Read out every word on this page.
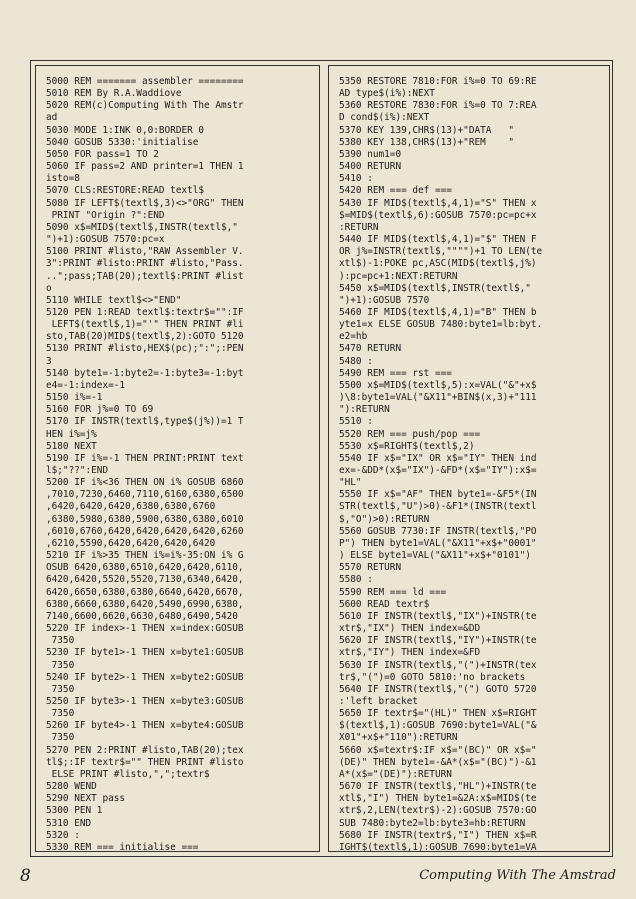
5000 REM ======= assembler ========
5010 REM By R.A.Waddiove
5020 REM(c)Computing With The Amstr
ad
5030 MODE 1:INK 0,0:BORDER 0
5040 GOSUB 5330:'initialise
5050 FOR pass=1 TO 2
5060 IF pass=2 AND printer=1 THEN 1
isto=8
5070 CLS:RESTORE:READ textl$
5080 IF LEFT$(textl$,3)<>"ORG" THEN
PRINT "Origin ?":END
5090 x$=MID$(textl$,INSTR(textl$,"
")+1):GOSUB 7570:pc=x
5100 PRINT #listo,"RAW Assembler V.
3":PRINT #listo:PRINT #listo,"Pass.
..";pass;TAB(20);textl$:PRINT #list
o
5110 WHILE textl$<>"END"
5120 PEN 1:READ textl$:textr$="":IF
LEFT$(textl$,1)="'" THEN PRINT #li
sto,TAB(20)MID$(textl$,2):GOTO 5120
5130 PRINT #listo,HEX$(pc);":";:PEN
3
5140 byte1=-1:byte2=-1:byte3=-1:byt
e4=-1:index=-1
5150 i%=-1
5160 FOR j%=0 TO 69
5170 IF INSTR(textl$,type$(j%))=1 T
HEN i%=j%
5180 NEXT
5190 IF i%=-1 THEN PRINT:PRINT text
l$;"??":END
5200 IF i%<36 THEN ON i% GOSUB 6860
,7010,7230,6460,7110,6160,6380,6500
,6420,6420,6420,6380,6380,6760
,6380,5980,6380,5900,6380,6380,6010
,6010,6760,6420,6420,6420,6420,6260
,6210,5590,6420,6420,6420,6420
5210 IF i%>35 THEN i%=i%-35:ON i% G
OSUB 6420,6380,6510,6420,6420,6110,
6420,6420,5520,5520,7130,6340,6420,
6420,6650,6380,6380,6640,6420,6670,
6380,6660,6380,6420,5490,6990,6380,
7140,6600,6620,6630,6480,6490,5420
5220 IF index>-1 THEN x=index:GOSUB
7350
5230 IF byte1>-1 THEN x=byte1:GOSUB
7350
5240 IF byte2>-1 THEN x=byte2:GOSUB
7350
5250 IF byte3>-1 THEN x=byte3:GOSUB
7350
5260 IF byte4>-1 THEN x=byte4:GOSUB
7350
5270 PEN 2:PRINT #listo,TAB(20);tex
tl$;:IF textr$="" THEN PRINT #listo
ELSE PRINT #listo,",";textr$
5280 WEND
5290 NEXT pass
5300 PEN 1
5310 END
5320 :
5330 REM === initialise ===

5350 RESTORE 7810:FOR i%=0 TO 69:RE
AD type$(i%):NEXT
5360 RESTORE 7830:FOR i%=0 TO 7:REA
D cond$(i%):NEXT
5370 KEY 139,CHR$(13)+"DATA   "
5380 KEY 138,CHR$(13)+"REM    "
5390 num1=0
5400 RETURN
5410 :
5420 REM === def ===
5430 IF MID$(textl$,4,1)="S" THEN x
$=MID$(textl$,6):GOSUB 7570:pc=pc+x
:RETURN
5440 IF MID$(textl$,4,1)="$" THEN F
OR j%=INSTR(textl$,"""")+1 TO LEN(te
xtl$)-1:POKE pc,ASC(MID$(textl$,j%)
):pc=pc+1:NEXT:RETURN
5450 x$=MID$(textl$,INSTR(textl$,"
")+1):GOSUB 7570
5460 IF MID$(textl$,4,1)="B" THEN b
yte1=x ELSE GOSUB 7480:byte1=lb:byt.
e2=hb
5470 RETURN
5480 :
5490 REM === rst ===
5500 x$=MID$(textl$,5):x=VAL("&"+x$
)\8:byte1=VAL("&X11"+BIN$(x,3)+"111
"):RETURN
5510 :
5520 REM === push/pop ===
5530 x$=RIGHT$(textl$,2)
5540 IF x$="IX" OR x$="IY" THEN ind
ex=-&DD*(x$="IX")-&FD*(x$="IY"):x$=
"HL"
5550 IF x$="AF" THEN byte1=-&F5*(IN
STR(textl$,"U")>0)-&F1*(INSTR(textl
$,"O")>0):RETURN
5560 GOSUB 7730:IF INSTR(textl$,"PO
P") THEN byte1=VAL("&X11"+x$+"0001"
) ELSE byte1=VAL("&X11"+x$+"0101")
5570 RETURN
5580 :
5590 REM === ld ===
5600 READ textr$
5610 IF INSTR(textl$,"IX")+INSTR(te
xtr$,"IX") THEN index=&DD
5620 IF INSTR(textl$,"IY")+INSTR(te
xtr$,"IY") THEN index=&FD
5630 IF INSTR(textl$,"(")+INSTR(tex
tr$,"(")=0 GOTO 5810:'no brackets
5640 IF INSTR(textl$,"(") GOTO 5720
:'left bracket
5650 IF textr$="(HL)" THEN x$=RIGHT
$(textl$,1):GOSUB 7690:byte1=VAL("&
X01"+x$+"110"):RETURN
5660 x$=textr$:IF x$="(BC)" OR x$="
(DE)" THEN byte1=-&A*(x$="(BC)")-&1
A*(x$="(DE)"):RETURN
5670 IF INSTR(textl$,"HL")+INSTR(te
xtl$,"I") THEN byte1=&2A:x$=MID$(te
xtr$,2,LEN(textr$)-2):GOSUB 7570:GO
SUB 7480:byte2=lb:byte3=hb:RETURN
5680 IF INSTR(textr$,"I") THEN x$=R
IGHT$(textl$,1):GOSUB 7690:byte1=VA

8	Computing With The Amstrad
